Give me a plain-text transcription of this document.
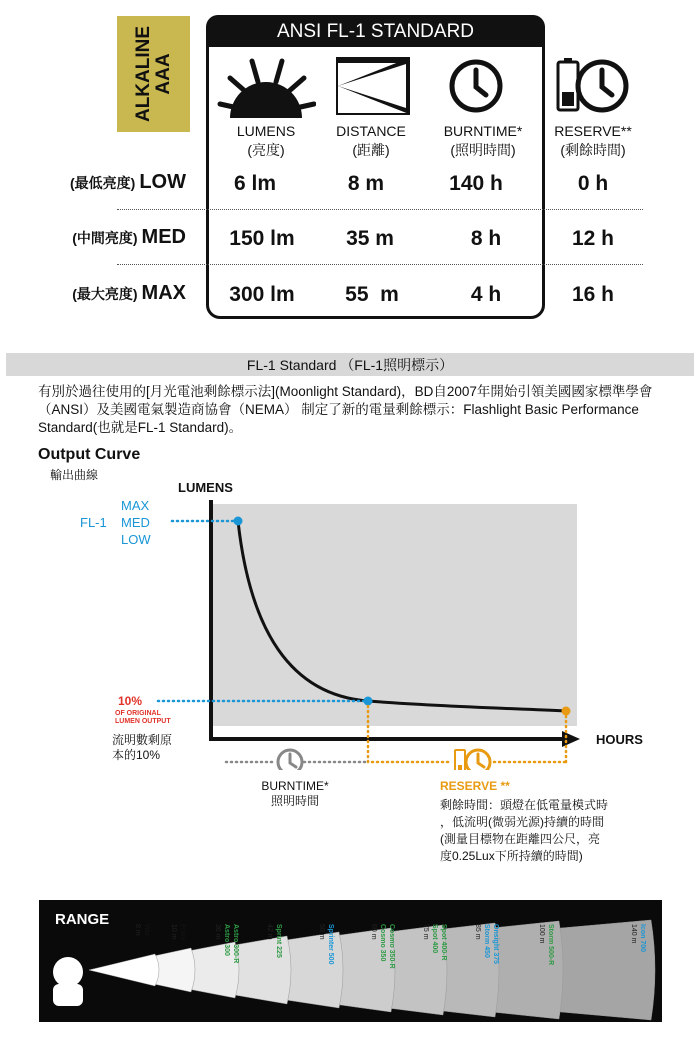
ALKALINE
AAA
ANSI FL-1 STANDARD
LUMENS
(亮度)
DISTANCE
(距離)
BURNTIME*
(照明時間)
RESERVE**
(剩餘時間)
(最低亮度) LOW	6 lm	8 m	140 h	0 h
(中間亮度) MED	150 lm	35 m	8 h	12 h
(最大亮度) MAX	300 lm	55  m	4 h	16 h
FL-1 Standard （FL-1照明標示）
有別於過往使用的[月光電池剩餘標示法](Moonlight Standard)，BD自2007年開始引領美國國家標準學會（ANSI）及美國電氣製造商協會（NEMA） 制定了新的電量剩餘標示：Flashlight Basic Performance Standard(也就是FL-1 Standard)。
Output Curve
輸出曲線
LUMENS
HOURS
FL-1
MAX
MED
LOW
10%
OF ORIGINAL
LUMEN OUTPUT
流明數剩原
本的10%
BURNTIME*
照明時間
RESERVE **
剩餘時間：頭燈在低電量模式時
，低流明(微弱光源)持續的時間
(測量目標物在距離四公尺，亮
度0.25Lux下所持續的時間)
RANGE
Wiz
8 m	Flare
10 m	Astro 300-R
Astro 300
36 m	Sprint 225
42 m	Sprinter 500
50 m	Cosmo 350-R
Cosmo 350
60 m	Spot 400-R
Spot 400
75 m	Onsight 375
Storm 450
85 m	Storm 500-R
100 m	Icon 700
140 m
